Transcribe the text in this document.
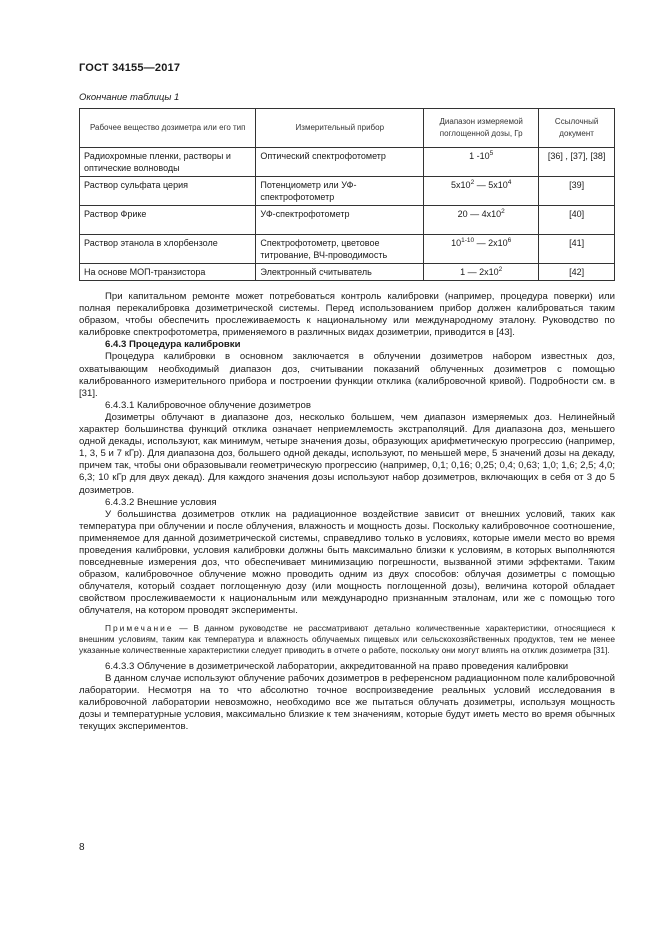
ГОСТ 34155—2017
Окончание таблицы 1
Рабочее вещество дозиметра или его тип	Измерительный прибор	Диапазон измеряемой поглощенной дозы, Гр	Ссылочный документ
Радиохромные пленки, растворы и оптические волноводы	Оптический спектрофотометр	1 $-10^5$	[36] , [37], [38]
Раствор сульфата церия	Потенциометр или УФ-спектрофотометр	$5х10^2$ — $5х10^4$	[39]
Раствор Фрике	УФ-спектрофотометр	20 — $4х10^2$	[40]
Раствор этанола в хлорбензоле	Спектрофотометр, цветовое титрование, ВЧ-проводимость	10$^{1-10}$ — $2х10^6$	[41]
На основе МОП-транзистора	Электронный считыватель	1 — $2х10^2$	[42]

При капитальном ремонте может потребоваться контроль калибровки (например, процедура поверки) или полная перекалибровка дозиметрической системы. Перед использованием прибор должен калиброваться таким образом, чтобы обеспечить прослеживаемость к национальному или международному эталону. Руководство по калибровке спектрофотометра, применяемого в различных видах дозиметрии, приводится в [43].

6.4.3 Процедура калибровки

Процедура калибровки в основном заключается в облучении дозиметров набором известных доз, охватывающим необходимый диапазон доз, считывании показаний облученных дозиметров с помощью калиброванного измерительного прибора и построении функции отклика (калибровочной кривой). Подробности см. в [31].

6.4.3.1 Калибровочное облучение дозиметров

Дозиметры облучают в диапазоне доз, несколько большем, чем диапазон измеряемых доз. Нелинейный характер большинства функций отклика означает неприемлемость экстраполяций. Для диапазона доз, меньшего одной декады, используют, как минимум, четыре значения дозы, образующих арифметическую прогрессию (например, 1, 3, 5 и 7 кГр). Для диапазона доз, большего одной декады, используют, по меньшей мере, 5 значений дозы на декаду, причем так, чтобы они образовывали геометрическую прогрессию (например, 0,1; 0,16; 0,25; 0,4; 0,63; 1,0; 1,6; 2,5; 4,0; 6,3; 10 кГр для двух декад). Для каждого значения дозы используют набор дозиметров, включающих в себя от 3 до 5 дозиметров.

6.4.3.2 Внешние условия

У большинства дозиметров отклик на радиационное воздействие зависит от внешних условий, таких как температура при облучении и после облучения, влажность и мощность дозы. Поскольку калибровочное соотношение, применяемое для данной дозиметрической системы, справедливо только в условиях, которые имели место во время проведения калибровки, условия калибровки должны быть максимально близки к условиям, в которых выполняются повседневные измерения доз, что обеспечивает минимизацию погрешности, вызванной этими эффектами. Таким образом, калибровочное облучение можно проводить одним из двух способов: облучая дозиметры с помощью облучателя, который создает поглощенную дозу (или мощность поглощенной дозы), величина которой обладает свойством прослеживаемости к национальным или международно признанным эталонам, или же с помощью того облучателя, на котором проводят эксперименты.

Примечание — В данном руководстве не рассматривают детально количественные характеристики, относящиеся к внешним условиям, таким как температура и влажность облучаемых пищевых или сельскохозяйственных продуктов, тем не менее указанные количественные характеристики следует приводить в отчете о работе, поскольку они могут влиять на отклик дозиметра [31].

6.4.3.3 Облучение в дозиметрической лаборатории, аккредитованной на право проведения калибровки

В данном случае используют облучение рабочих дозиметров в референсном радиационном поле калибровочной лаборатории. Несмотря на то что абсолютно точное воспроизведение реальных условий исследования в калибровочной лаборатории невозможно, необходимо все же пытаться облучать дозиметры, используя мощность дозы и температурные условия, максимально близкие к тем значениям, которые будут иметь место во время обычных текущих экспериментов.

8
